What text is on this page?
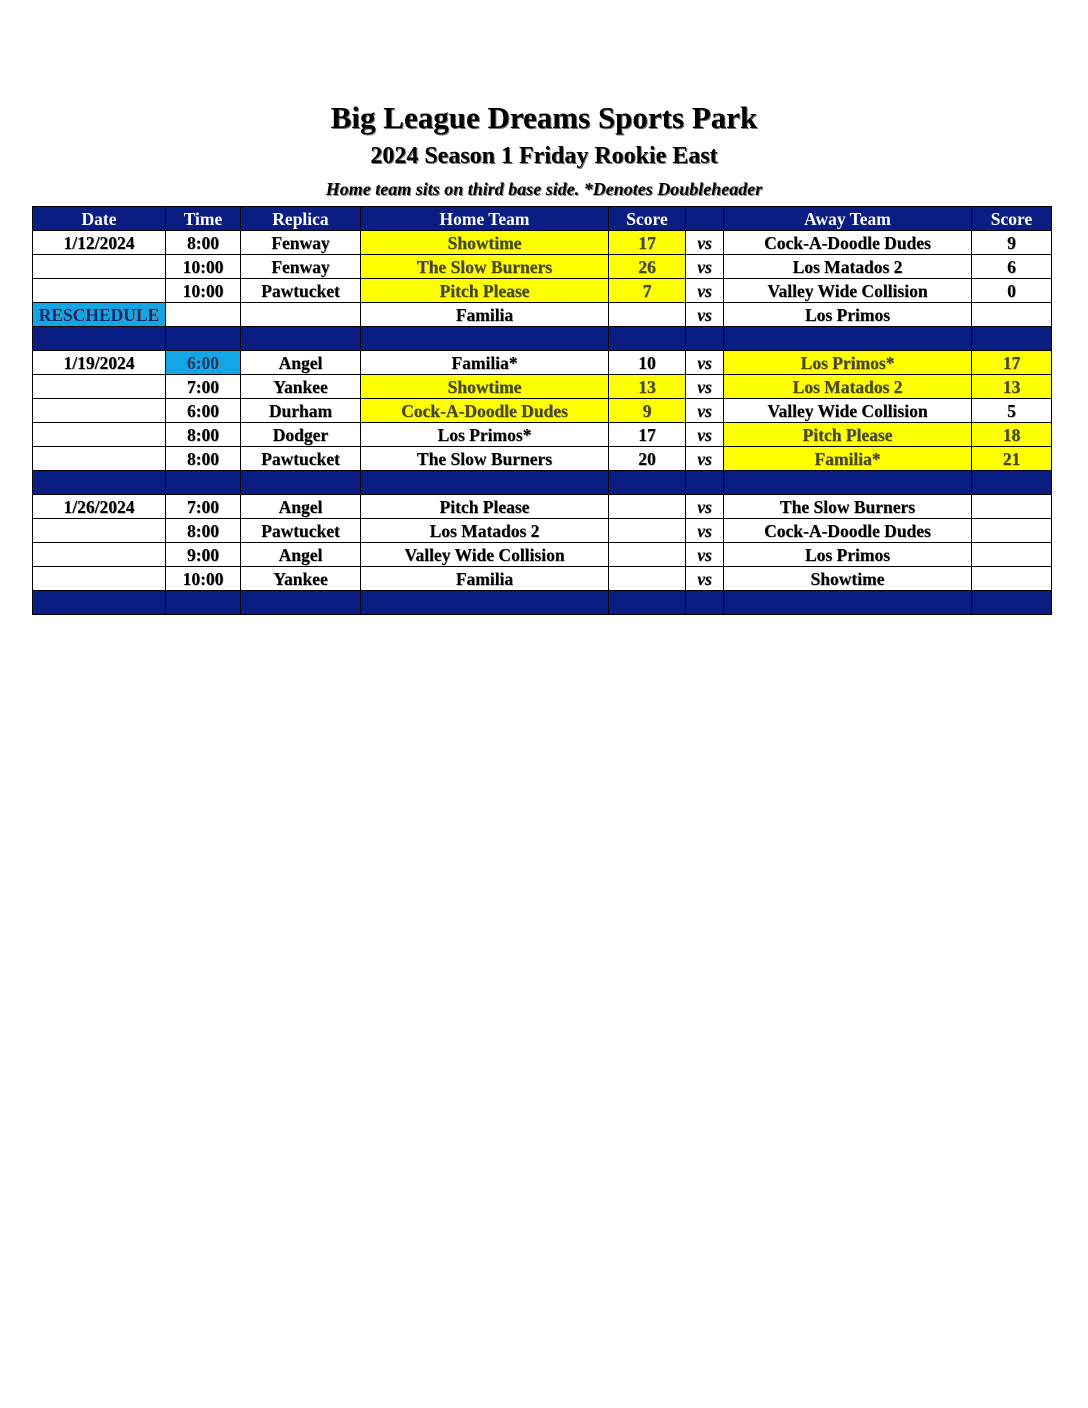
Big League Dreams Sports Park
2024 Season 1 Friday Rookie East
Home team sits on third base side. *Denotes Doubleheader
Date	Time	Replica	Home Team	Score		Away Team	Score
1/12/2024	8:00	Fenway	Showtime	17	vs	Cock-A-Doodle Dudes	9
	10:00	Fenway	The Slow Burners	26	vs	Los Matados 2	6
	10:00	Pawtucket	Pitch Please	7	vs	Valley Wide Collision	0
RESCHEDULE			Familia		vs	Los Primos	

1/19/2024	6:00	Angel	Familia*	10	vs	Los Primos*	17
	7:00	Yankee	Showtime	13	vs	Los Matados 2	13
	6:00	Durham	Cock-A-Doodle Dudes	9	vs	Valley Wide Collision	5
	8:00	Dodger	Los Primos*	17	vs	Pitch Please	18
	8:00	Pawtucket	The Slow Burners	20	vs	Familia*	21

1/26/2024	7:00	Angel	Pitch Please		vs	The Slow Burners	
	8:00	Pawtucket	Los Matados 2		vs	Cock-A-Doodle Dudes	
	9:00	Angel	Valley Wide Collision		vs	Los Primos	
	10:00	Yankee	Familia		vs	Showtime	
